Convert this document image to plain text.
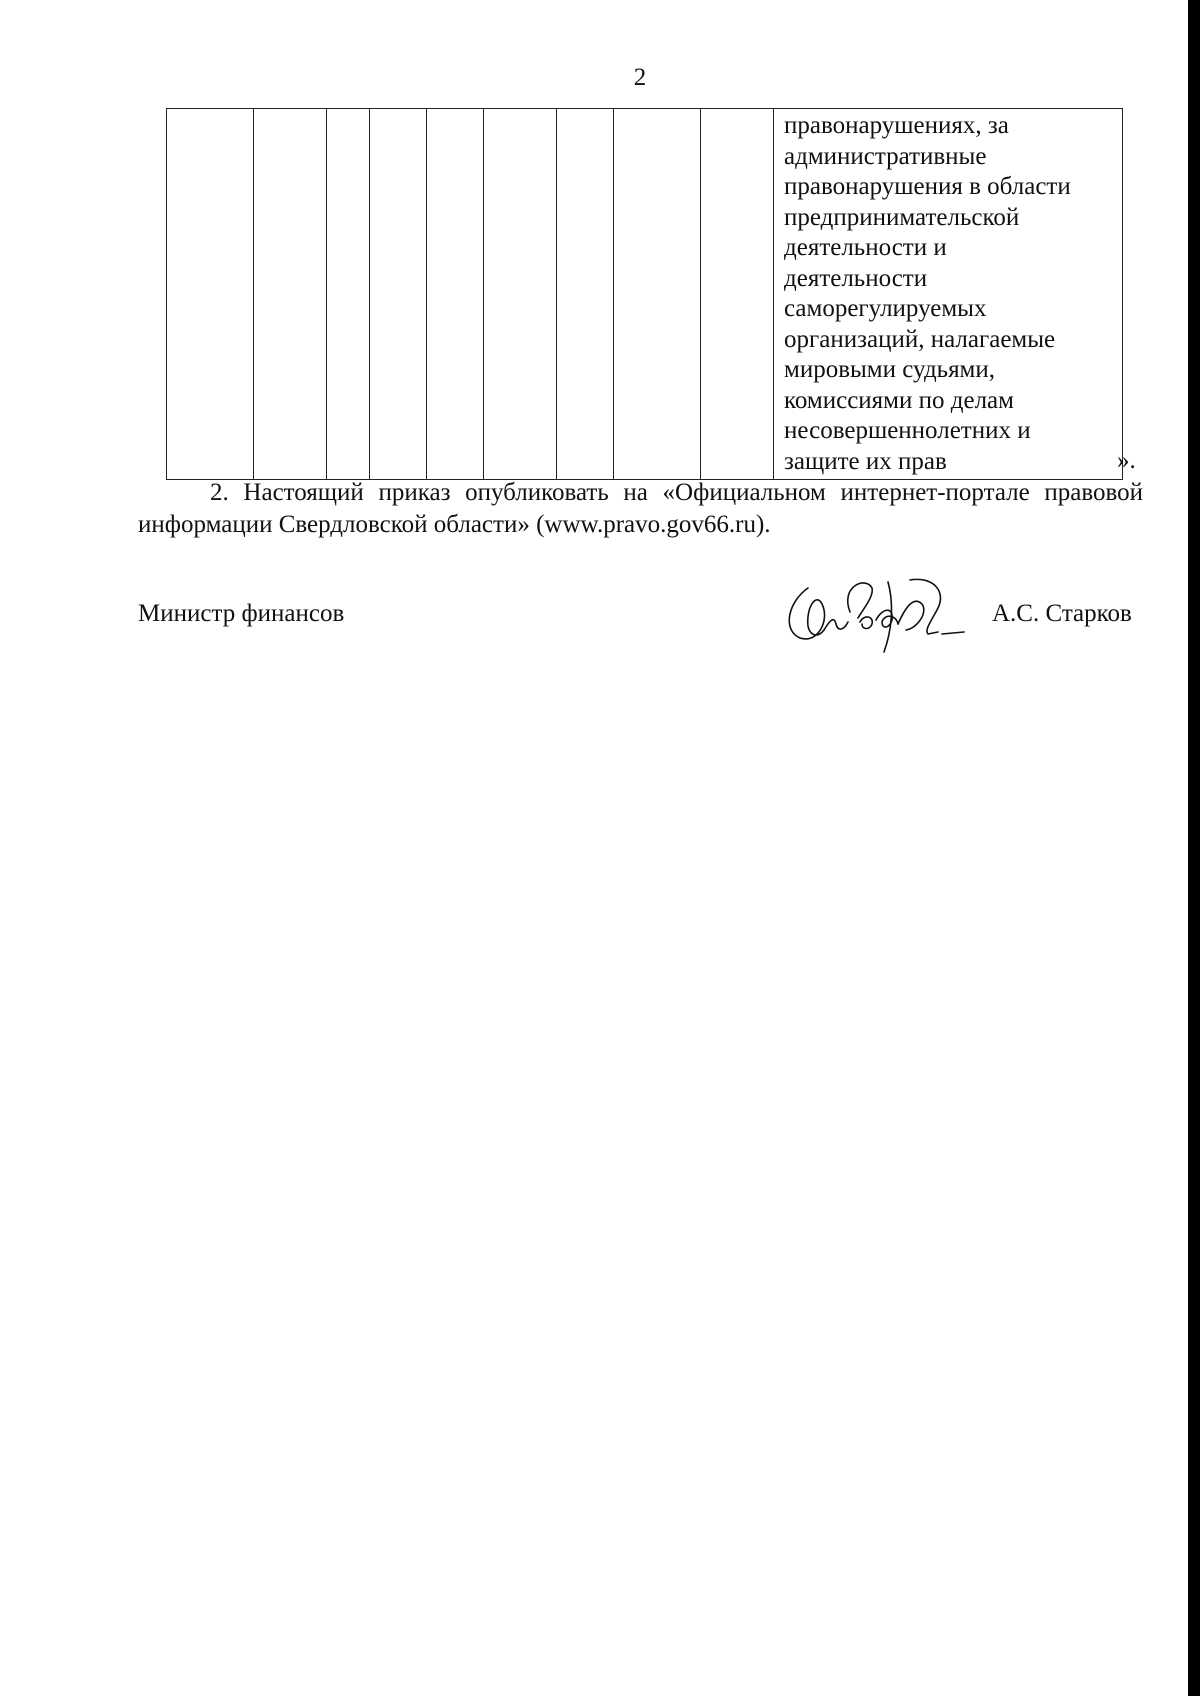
2

правонарушениях, за
административные
правонарушения в области
предпринимательской
деятельности и
деятельности
саморегулируемых
организаций, налагаемые
мировыми судьями,
комиссиями по делам
несовершеннолетних и
защите их прав	».

2. Настоящий приказ опубликовать на «Официальном интернет-портале правовой информации Свердловской области» (www.pravo.gov66.ru).

Министр финансов	А.С. Старков
